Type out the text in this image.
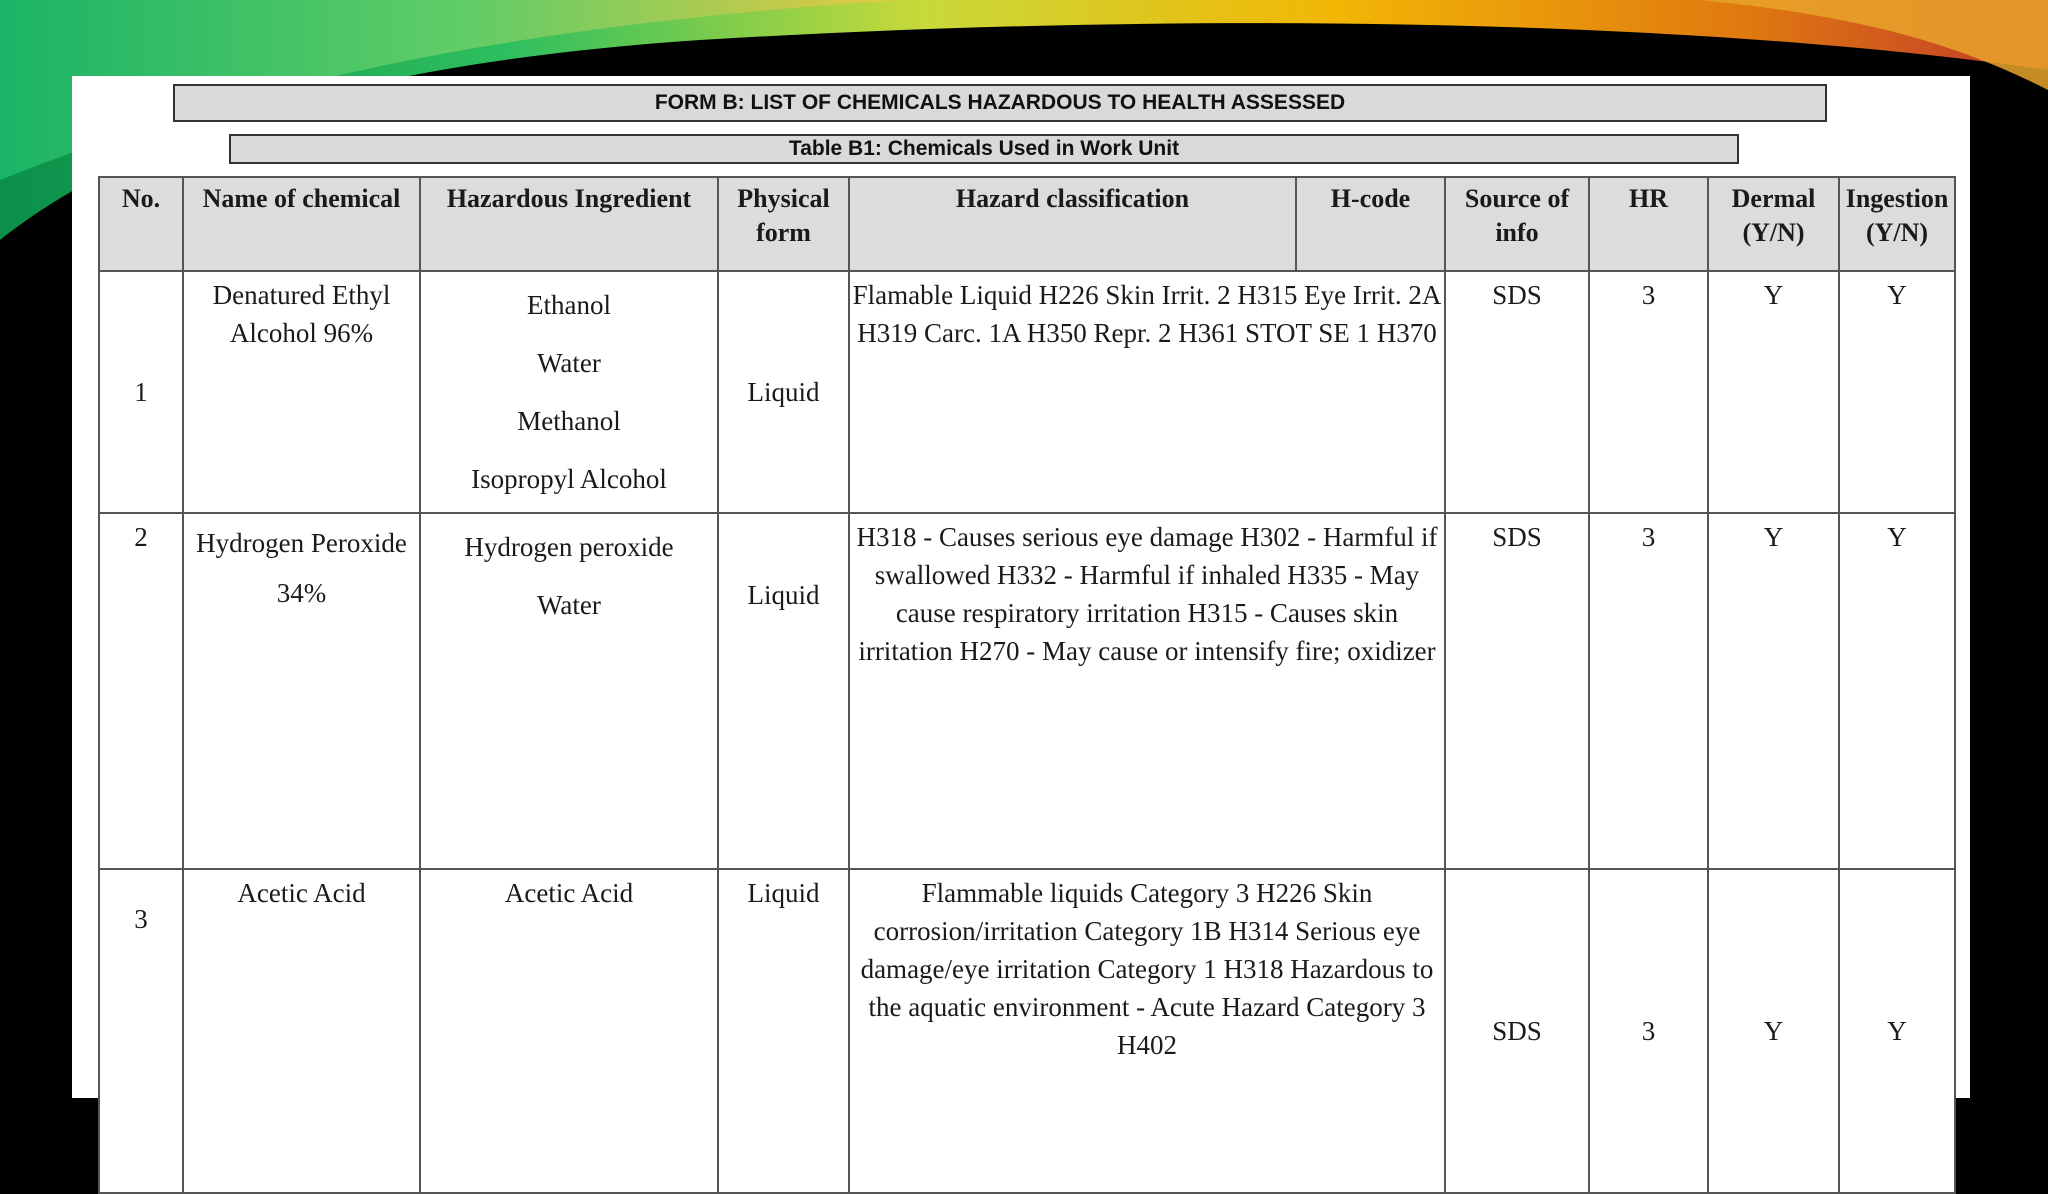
FORM B: LIST OF CHEMICALS HAZARDOUS TO HEALTH ASSESSED
Table B1: Chemicals Used in Work Unit
No.	Name of chemical	Hazardous Ingredient	Physical form	Hazard classification	H-code	Source of info	HR	Dermal (Y/N)	Ingestion (Y/N)
1	Denatured Ethyl Alcohol 96%	Ethanol
Water
Methanol
Isopropyl Alcohol	Liquid	Flamable Liquid H226 Skin Irrit. 2 H315 Eye Irrit. 2A H319 Carc. 1A H350 Repr. 2 H361 STOT SE 1 H370		SDS	3	Y	Y
2	Hydrogen Peroxide 34%	Hydrogen peroxide
Water	Liquid	H318 - Causes serious eye damage H302 - Harmful if swallowed H332 - Harmful if inhaled H335 - May cause respiratory irritation H315 - Causes skin irritation H270 - May cause or intensify fire; oxidizer		SDS	3	Y	Y
3	Acetic Acid	Acetic Acid	Liquid	Flammable liquids Category 3 H226 Skin corrosion/irritation Category 1B H314 Serious eye damage/eye irritation Category 1 H318 Hazardous to the aquatic environment - Acute Hazard Category 3 H402		SDS	3	Y	Y
